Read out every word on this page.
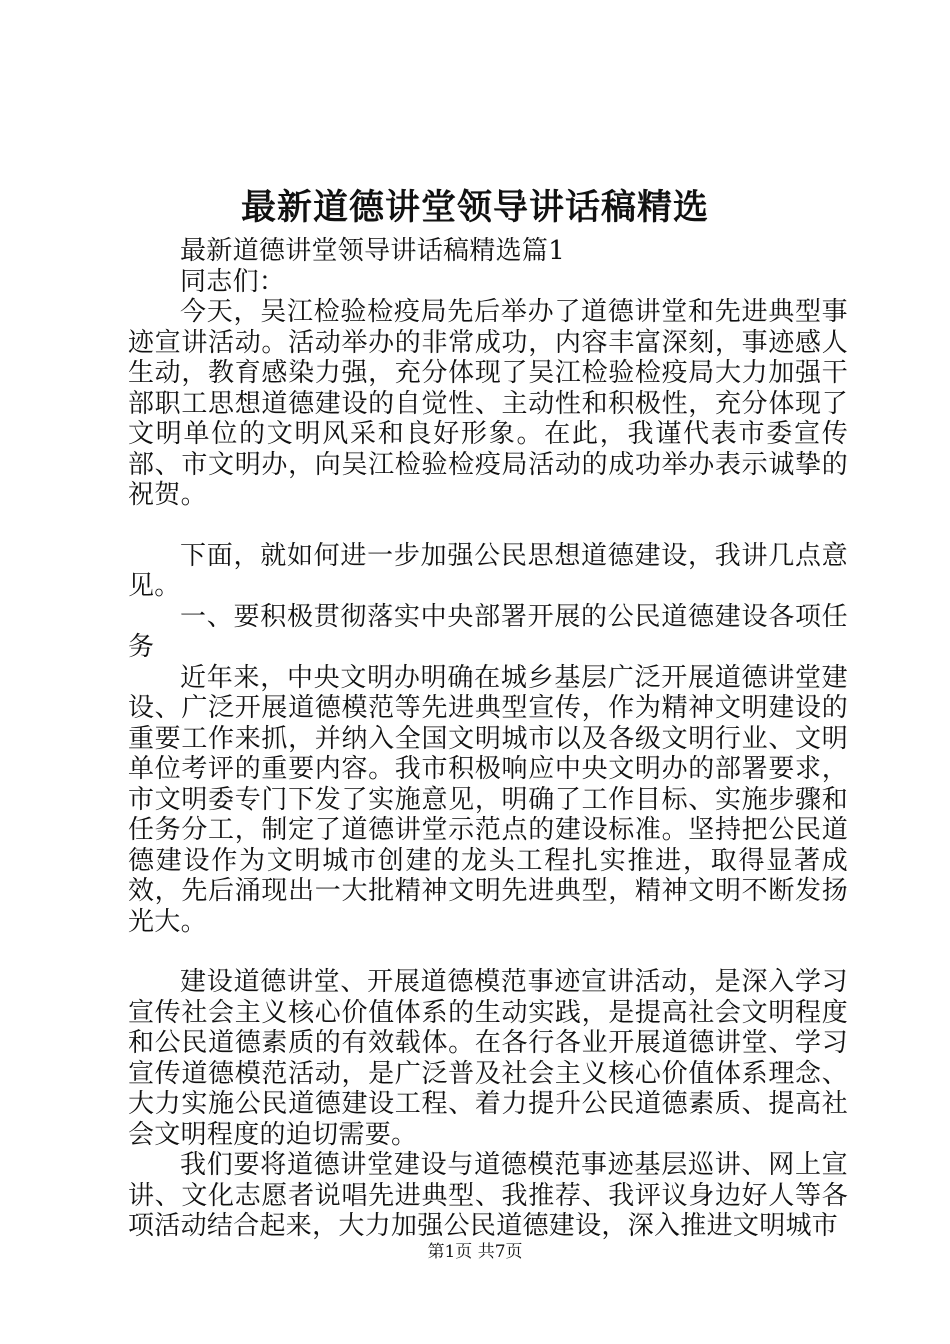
最新道德讲堂领导讲话稿精选

最新道德讲堂领导讲话稿精选篇1

同志们：

今天，吴江检验检疫局先后举办了道德讲堂和先进典型事迹宣讲活动。活动举办的非常成功，内容丰富深刻，事迹感人生动，教育感染力强，充分体现了吴江检验检疫局大力加强干部职工思想道德建设的自觉性、主动性和积极性，充分体现了文明单位的文明风采和良好形象。在此，我谨代表市委宣传部、市文明办，向吴江检验检疫局活动的成功举办表示诚挚的祝贺。

下面，就如何进一步加强公民思想道德建设，我讲几点意见。

一、要积极贯彻落实中央部署开展的公民道德建设各项任务

近年来，中央文明办明确在城乡基层广泛开展道德讲堂建设、广泛开展道德模范等先进典型宣传，作为精神文明建设的重要工作来抓，并纳入全国文明城市以及各级文明行业、文明单位考评的重要内容。我市积极响应中央文明办的部署要求，市文明委专门下发了实施意见，明确了工作目标、实施步骤和任务分工，制定了道德讲堂示范点的建设标准。坚持把公民道德建设作为文明城市创建的龙头工程扎实推进，取得显著成效，先后涌现出一大批精神文明先进典型，精神文明不断发扬光大。

建设道德讲堂、开展道德模范事迹宣讲活动，是深入学习宣传社会主义核心价值体系的生动实践，是提高社会文明程度和公民道德素质的有效载体。在各行各业开展道德讲堂、学习宣传道德模范活动，是广泛普及社会主义核心价值体系理念、大力实施公民道德建设工程、着力提升公民道德素质、提高社会文明程度的迫切需要。

我们要将道德讲堂建设与道德模范事迹基层巡讲、网上宣讲、文化志愿者说唱先进典型、我推荐、我评议身边好人等各项活动结合起来，大力加强公民道德建设，深入推进文明城市

第1页 共7页
